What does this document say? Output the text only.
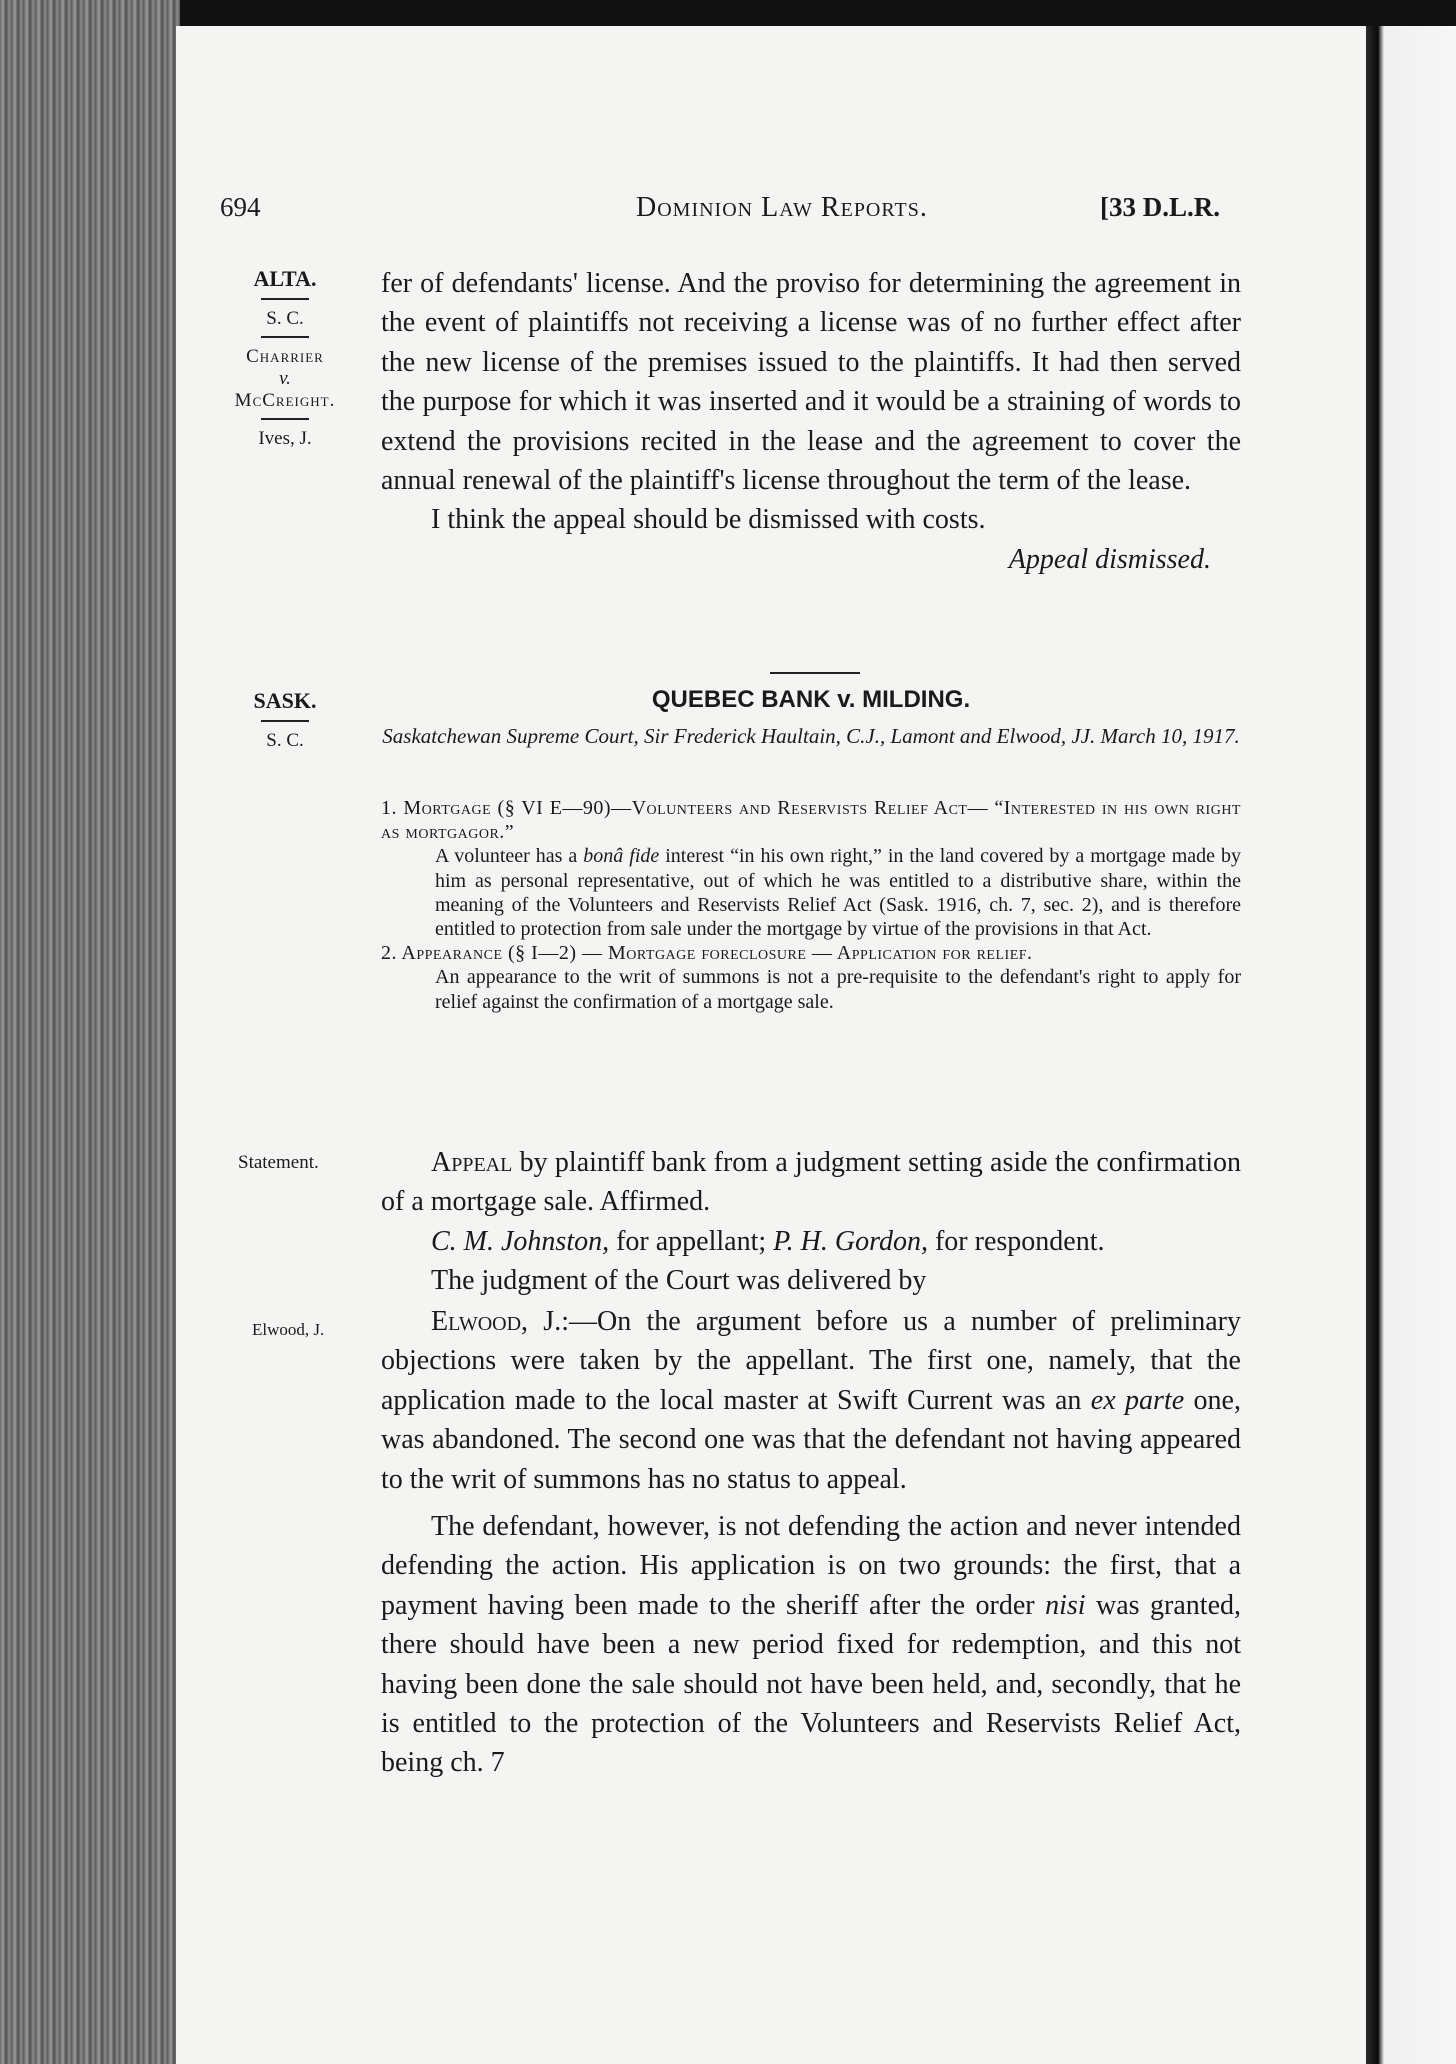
694	Dominion Law Reports.	[33 D.L.R.
ALTA.
S. C.
Charrier
v.
McCreight.
Ives, J.

fer of defendants' license. And the proviso for determining the agreement in the event of plaintiffs not receiving a license was of no further effect after the new license of the premises issued to the plaintiffs. It had then served the purpose for which it was inserted and it would be a straining of words to extend the provisions recited in the lease and the agreement to cover the annual renewal of the plaintiff's license throughout the term of the lease.

I think the appeal should be dismissed with costs.

Appeal dismissed.

SASK.
S. C.
QUEBEC BANK v. MILDING.
Saskatchewan Supreme Court, Sir Frederick Haultain, C.J., Lamont and Elwood, JJ. March 10, 1917.

1. Mortgage (§ VI E—90)—Volunteers and Reservists Relief Act— “Interested in his own right as mortgagor.”

A volunteer has a bonâ fide interest “in his own right,” in the land covered by a mortgage made by him as personal representative, out of which he was entitled to a distributive share, within the meaning of the Volunteers and Reservists Relief Act (Sask. 1916, ch. 7, sec. 2), and is therefore entitled to protection from sale under the mortgage by virtue of the provisions in that Act.

2. Appearance (§ I—2) — Mortgage foreclosure — Application for relief.

An appearance to the writ of summons is not a pre-requisite to the defendant's right to apply for relief against the confirmation of a mortgage sale.

Statement.	Appeal by plaintiff bank from a judgment setting aside the confirmation of a mortgage sale. Affirmed.

C. M. Johnston, for appellant; P. H. Gordon, for respondent.

The judgment of the Court was delivered by

Elwood, J.	Elwood, J.:—On the argument before us a number of preliminary objections were taken by the appellant. The first one, namely, that the application made to the local master at Swift Current was an ex parte one, was abandoned. The second one was that the defendant not having appeared to the writ of summons has no status to appeal.

The defendant, however, is not defending the action and never intended defending the action. His application is on two grounds: the first, that a payment having been made to the sheriff after the order nisi was granted, there should have been a new period fixed for redemption, and this not having been done the sale should not have been held, and, secondly, that he is entitled to the protection of the Volunteers and Reservists Relief Act, being ch. 7
